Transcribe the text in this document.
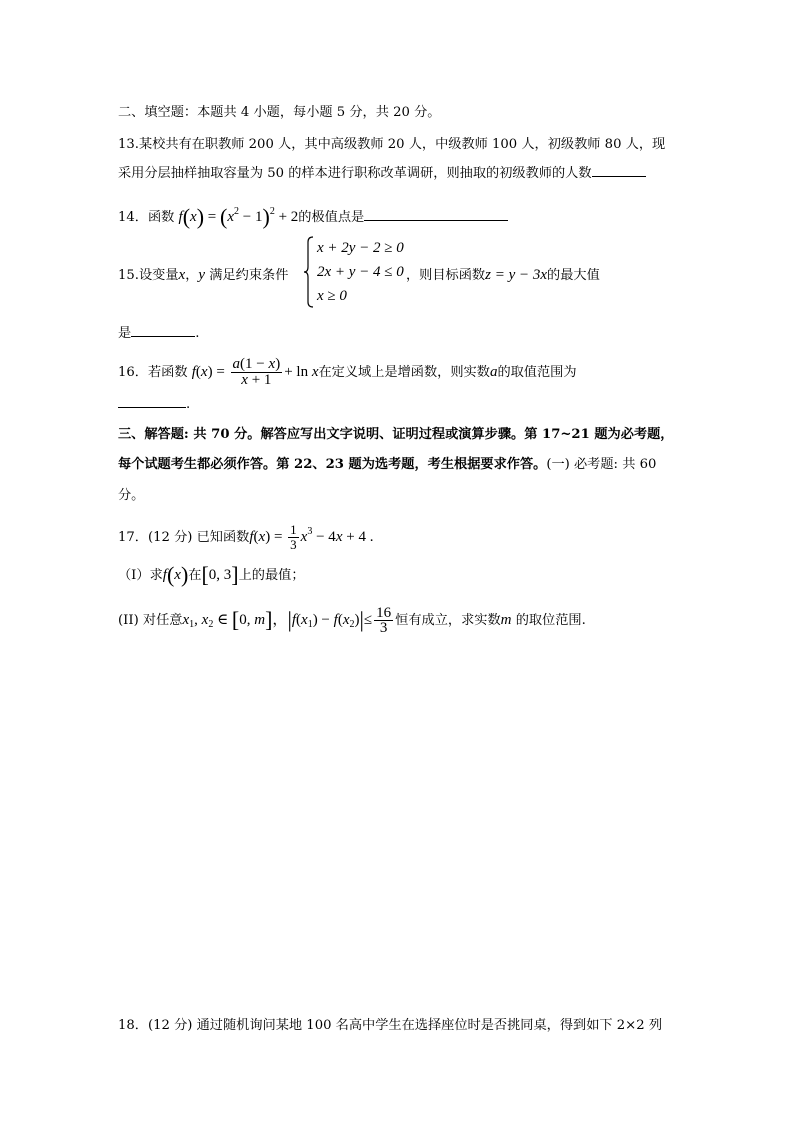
二、填空题：本题共 4 小题，每小题 5 分，共 20 分。
13.某校共有在职教师 200 人，其中高级教师 20 人，中级教师 100 人，初级教师 80 人，现
采用分层抽样抽取容量为 50 的样本进行职称改革调研，则抽取的初级教师的人数
14．函数 $f(x) = (x^2 - 1)^2 + 2$的极值点是
15.设变量x，y 满足约束条件
x + 2y − 2 ≥ 0
2x + y − 4 ≤ 0
x ≥ 0
，则目标函数z = y − 3x的最大值
是	.
16．若函数 $f(x) = \frac{a(1 - x)}{x + 1} + \ln x$在定义域上是增函数，则实数a的取值范围为
.
三、解答题: 共 70 分。解答应写出文字说明、证明过程或演算步骤。第 17~21 题为必考题，
每个试题考生都必须作答。第 22、23 题为选考题，考生根据要求作答。(一) 必考题: 共 60
分。
17．(12 分) 已知函数$f(x) = \frac{1}{3} x^3 - 4x + 4$ .
（Ⅰ）求f(x)在[0, 3]上的最值；
(II) 对任意$x_1$, $x_2$ ∈ [0, m]，$|f(x_1) - f(x_2)|\le \frac{16}{3}$ 恒有成立，求实数m 的取位范围.
18．(12 分) 通过随机询问某地 100 名高中学生在选择座位时是否挑同桌，得到如下 2×2 列
